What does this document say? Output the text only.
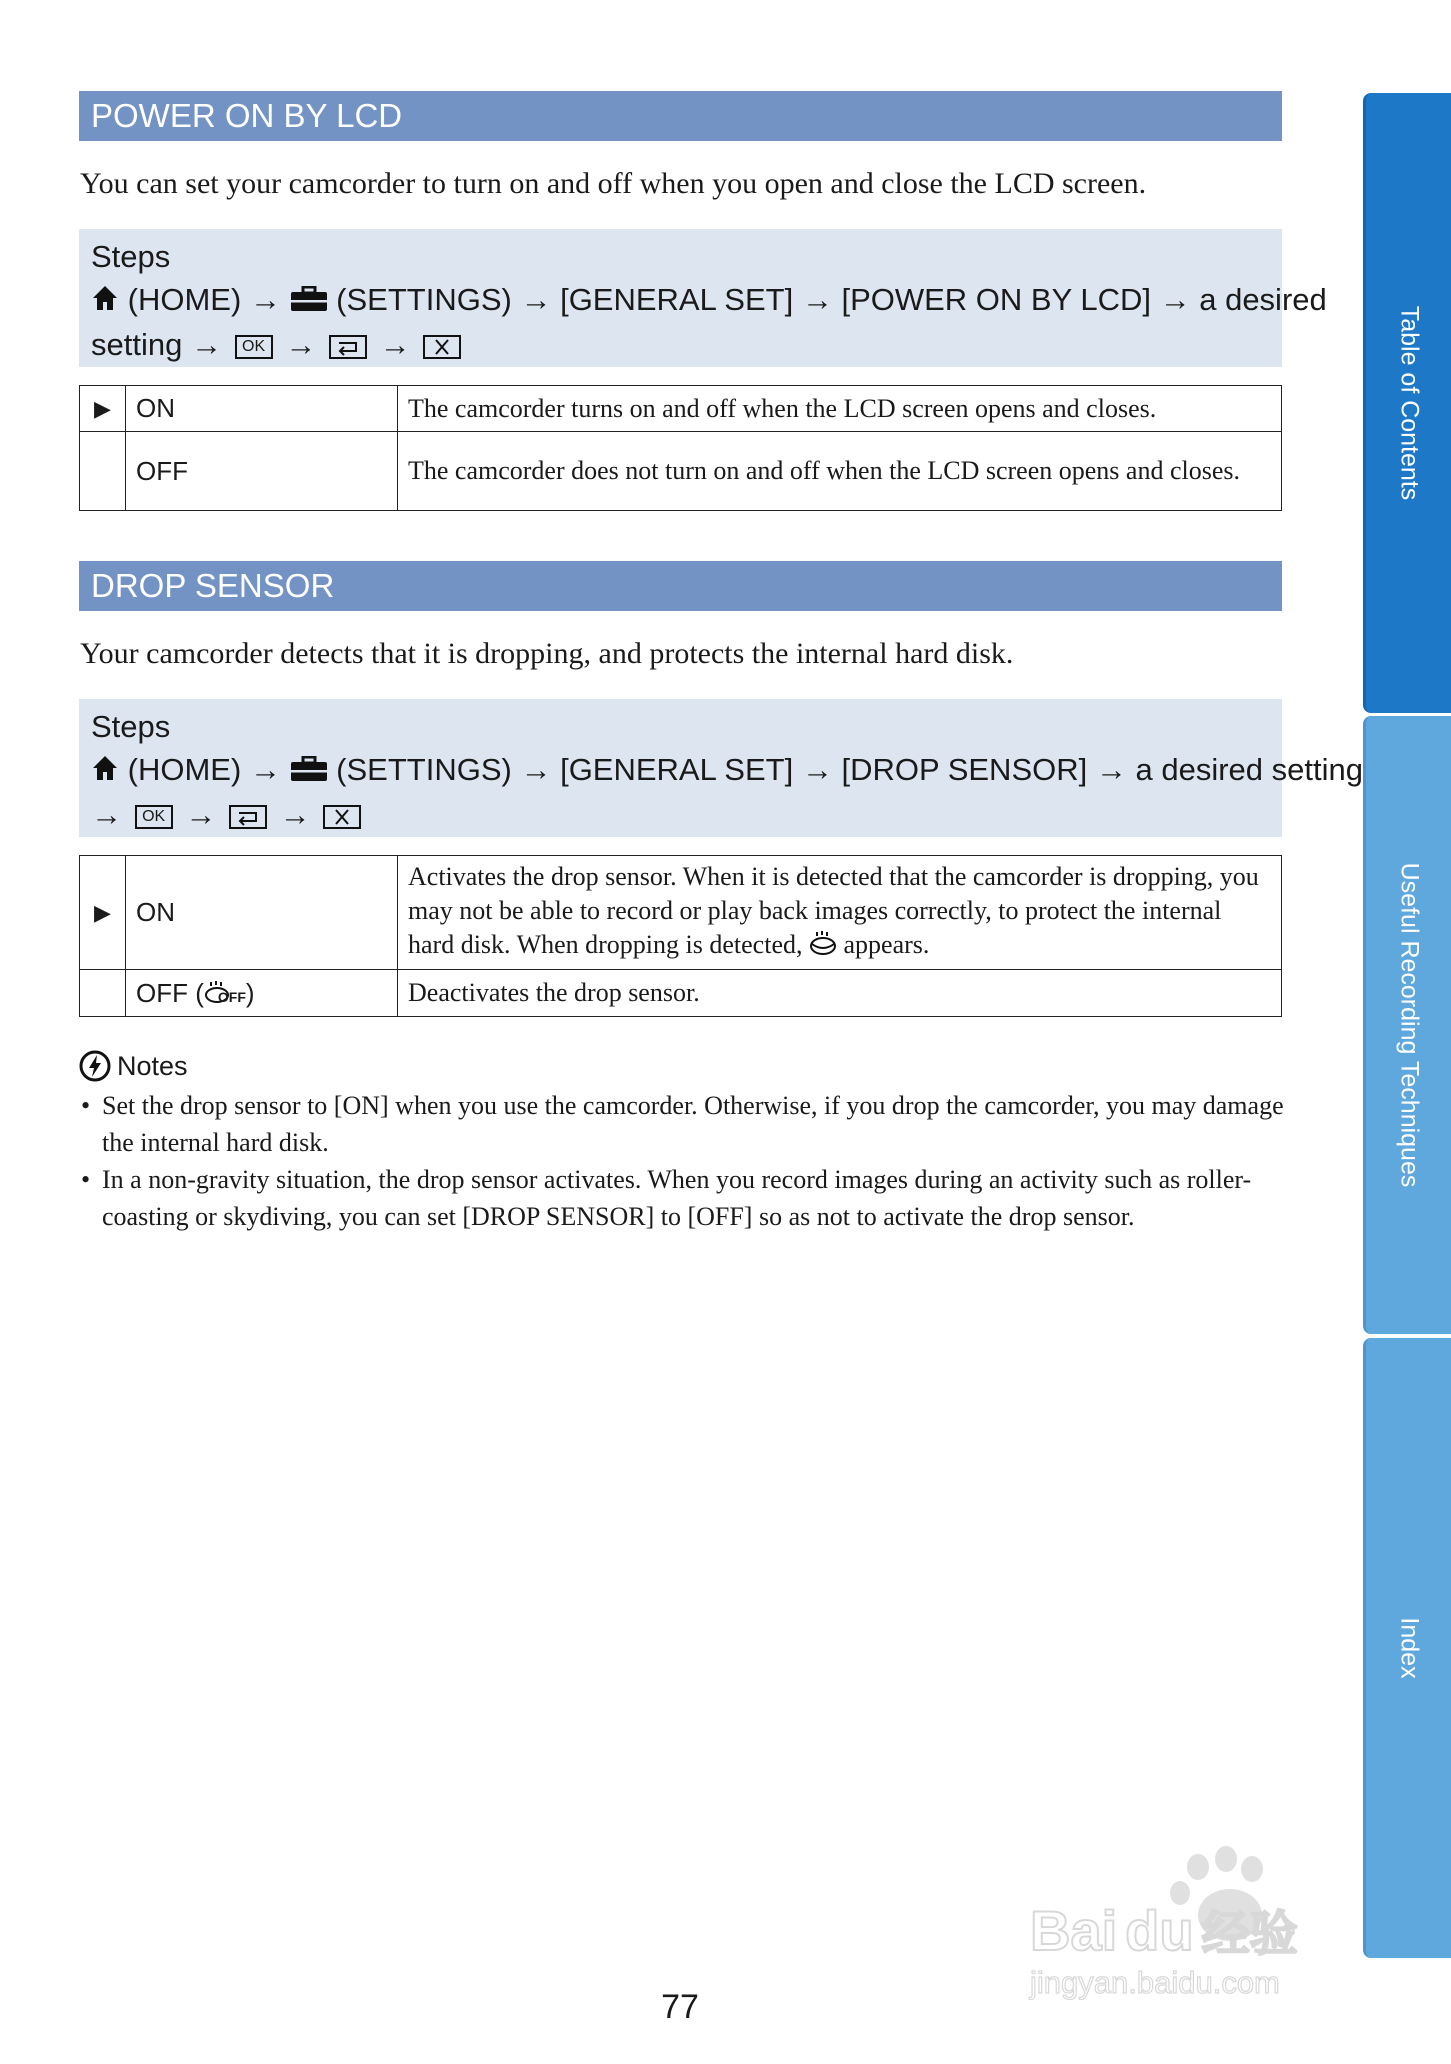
POWER ON BY LCD
You can set your camcorder to turn on and off when you open and close the LCD screen.
Steps
(HOME) → (SETTINGS) → [GENERAL SET] → [POWER ON BY LCD] → a desired
setting → OK → →
▶	ON	The camcorder turns on and off when the LCD screen opens and closes.
	OFF	The camcorder does not turn on and off when the LCD screen opens and closes.
DROP SENSOR
Your camcorder detects that it is dropping, and protects the internal hard disk.
Steps
(HOME) → (SETTINGS) → [GENERAL SET] → [DROP SENSOR] → a desired setting
→ OK → →
▶	ON	Activates the drop sensor. When it is detected that the camcorder is dropping, you may not be able to record or play back images correctly, to protect the internal hard disk. When dropping is detected, appears.
	OFF ( OFF )	Deactivates the drop sensor.
Notes
• Set the drop sensor to [ON] when you use the camcorder. Otherwise, if you drop the camcorder, you may damage the internal hard disk.
• In a non-gravity situation, the drop sensor activates. When you record images during an activity such as roller-coasting or skydiving, you can set [DROP SENSOR] to [OFF] so as not to activate the drop sensor.
77
Table of Contents
Useful Recording Techniques
Index
Bai du 经验
jingyan.baidu.com
